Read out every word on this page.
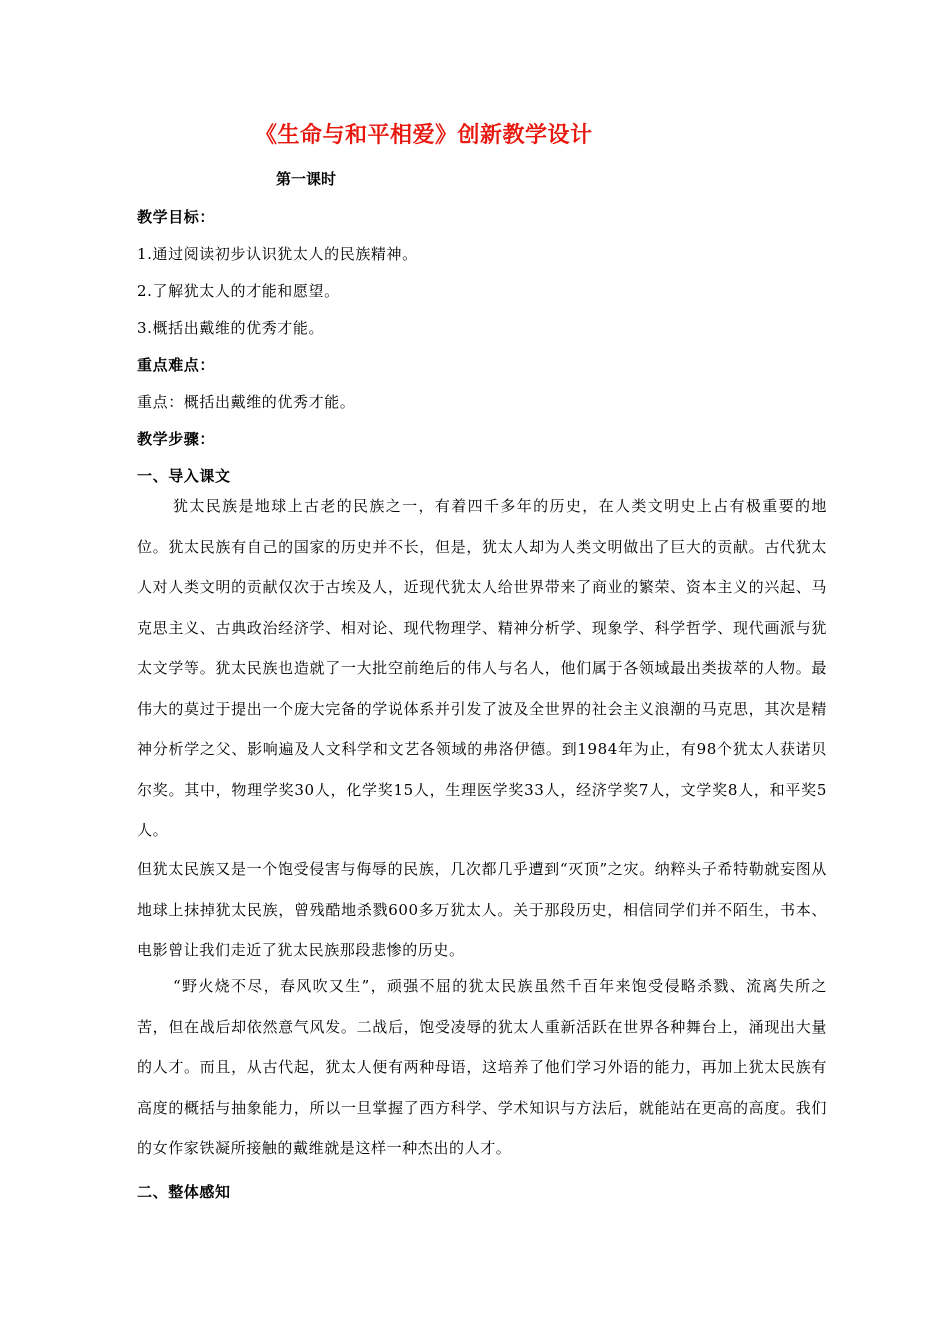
《生命与和平相爱》创新教学设计
第一课时
教学目标：
1.通过阅读初步认识犹太人的民族精神。
2.了解犹太人的才能和愿望。
3.概括出戴维的优秀才能。
重点难点：
重点：概括出戴维的优秀才能。
教学步骤：
一、导入课文
犹太民族是地球上古老的民族之一，有着四千多年的历史，在人类文明史上占有极重要的地位。犹太民族有自己的国家的历史并不长，但是，犹太人却为人类文明做出了巨大的贡献。古代犹太人对人类文明的贡献仅次于古埃及人，近现代犹太人给世界带来了商业的繁荣、资本主义的兴起、马克思主义、古典政治经济学、相对论、现代物理学、精神分析学、现象学、科学哲学、现代画派与犹太文学等。犹太民族也造就了一大批空前绝后的伟人与名人，他们属于各领域最出类拔萃的人物。最伟大的莫过于提出一个庞大完备的学说体系并引发了波及全世界的社会主义浪潮的马克思，其次是精神分析学之父、影响遍及人文科学和文艺各领域的弗洛伊德。到1984年为止，有98个犹太人获诺贝尔奖。其中，物理学奖30人，化学奖15人，生理医学奖33人，经济学奖7人，文学奖8人，和平奖5人。
但犹太民族又是一个饱受侵害与侮辱的民族，几次都几乎遭到“灭顶”之灾。纳粹头子希特勒就妄图从地球上抹掉犹太民族，曾残酷地杀戮600多万犹太人。关于那段历史，相信同学们并不陌生，书本、电影曾让我们走近了犹太民族那段悲惨的历史。
“野火烧不尽，春风吹又生”，顽强不屈的犹太民族虽然千百年来饱受侵略杀戮、流离失所之苦，但在战后却依然意气风发。二战后，饱受凌辱的犹太人重新活跃在世界各种舞台上，涌现出大量的人才。而且，从古代起，犹太人便有两种母语，这培养了他们学习外语的能力，再加上犹太民族有高度的概括与抽象能力，所以一旦掌握了西方科学、学术知识与方法后，就能站在更高的高度。我们的女作家铁凝所接触的戴维就是这样一种杰出的人才。
二、整体感知
